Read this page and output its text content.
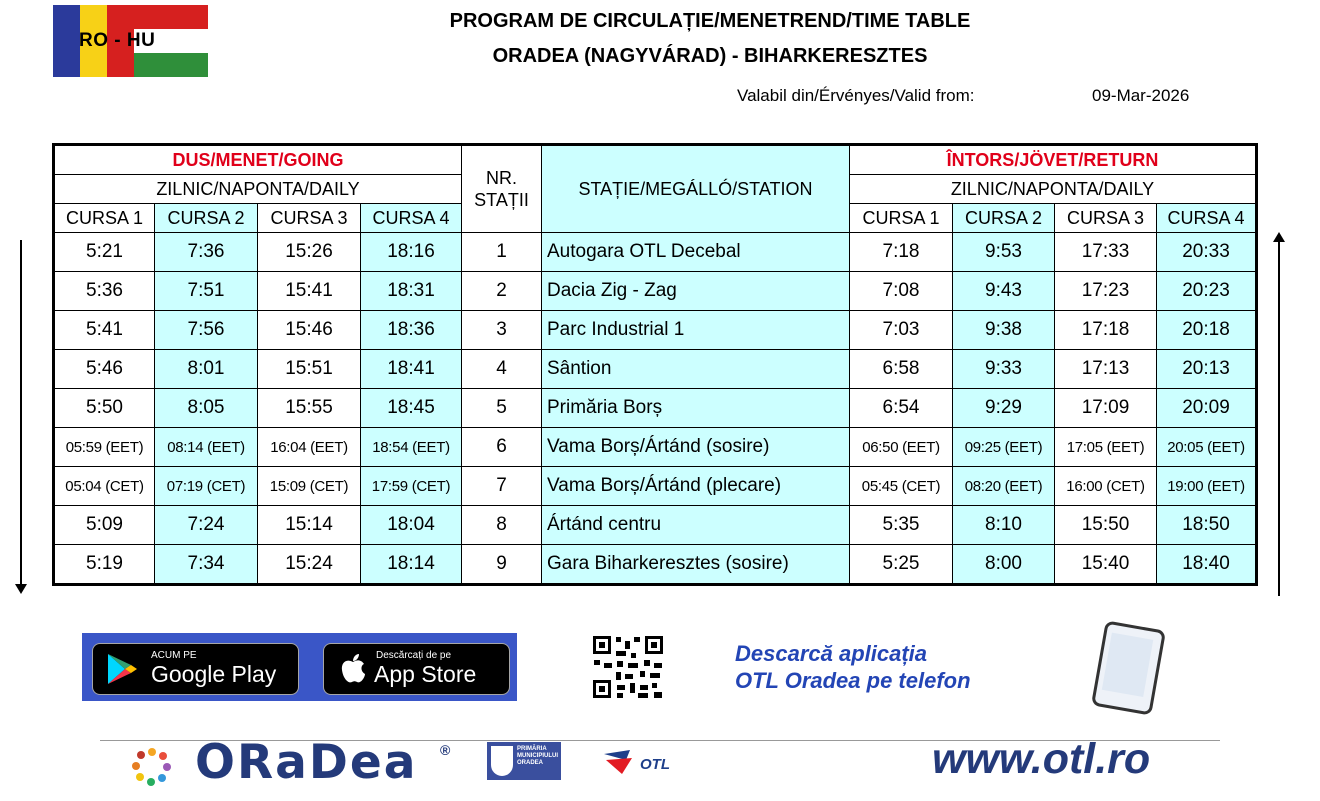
RO - HU
PROGRAM DE CIRCULAȚIE/MENETREND/TIME TABLE
ORADEA (NAGYVÁRAD) - BIHARKERESZTES
Valabil din/Érvényes/Valid from:	09-Mar-2026
DUS/MENET/GOING				NR. STAȚII	STAȚIE/MEGÁLLÓ/STATION	ÎNTORS/JÖVET/RETURN			
ZILNIC/NAPONTA/DAILY						ZILNIC/NAPONTA/DAILY			
CURSA 1	CURSA 2	CURSA 3	CURSA 4			CURSA 1	CURSA 2	CURSA 3	CURSA 4
5:21	7:36	15:26	18:16	1	Autogara OTL Decebal	7:18	9:53	17:33	20:33
5:36	7:51	15:41	18:31	2	Dacia Zig - Zag	7:08	9:43	17:23	20:23
5:41	7:56	15:46	18:36	3	Parc Industrial 1	7:03	9:38	17:18	20:18
5:46	8:01	15:51	18:41	4	Sântion	6:58	9:33	17:13	20:13
5:50	8:05	15:55	18:45	5	Primăria Borș	6:54	9:29	17:09	20:09
05:59 (EET)	08:14 (EET)	16:04 (EET)	18:54 (EET)	6	Vama Borș/Ártánd (sosire)	06:50 (EET)	09:25 (EET)	17:05 (EET)	20:05 (EET)
05:04 (CET)	07:19 (CET)	15:09 (CET)	17:59 (CET)	7	Vama Borș/Ártánd (plecare)	05:45 (CET)	08:20 (EET)	16:00 (CET)	19:00 (EET)
5:09	7:24	15:14	18:04	8	Ártánd centru	5:35	8:10	15:50	18:50
5:19	7:34	15:24	18:14	9	Gara Biharkeresztes (sosire)	5:25	8:00	15:40	18:40
ACUM PE
Google Play
Descărcați de pe
App Store
Descarcă aplicația
OTL Oradea pe telefon
ORaDea ®	PRIMĂRIA MUNICIPIULUI ORADEA	OTL	www.otl.ro
